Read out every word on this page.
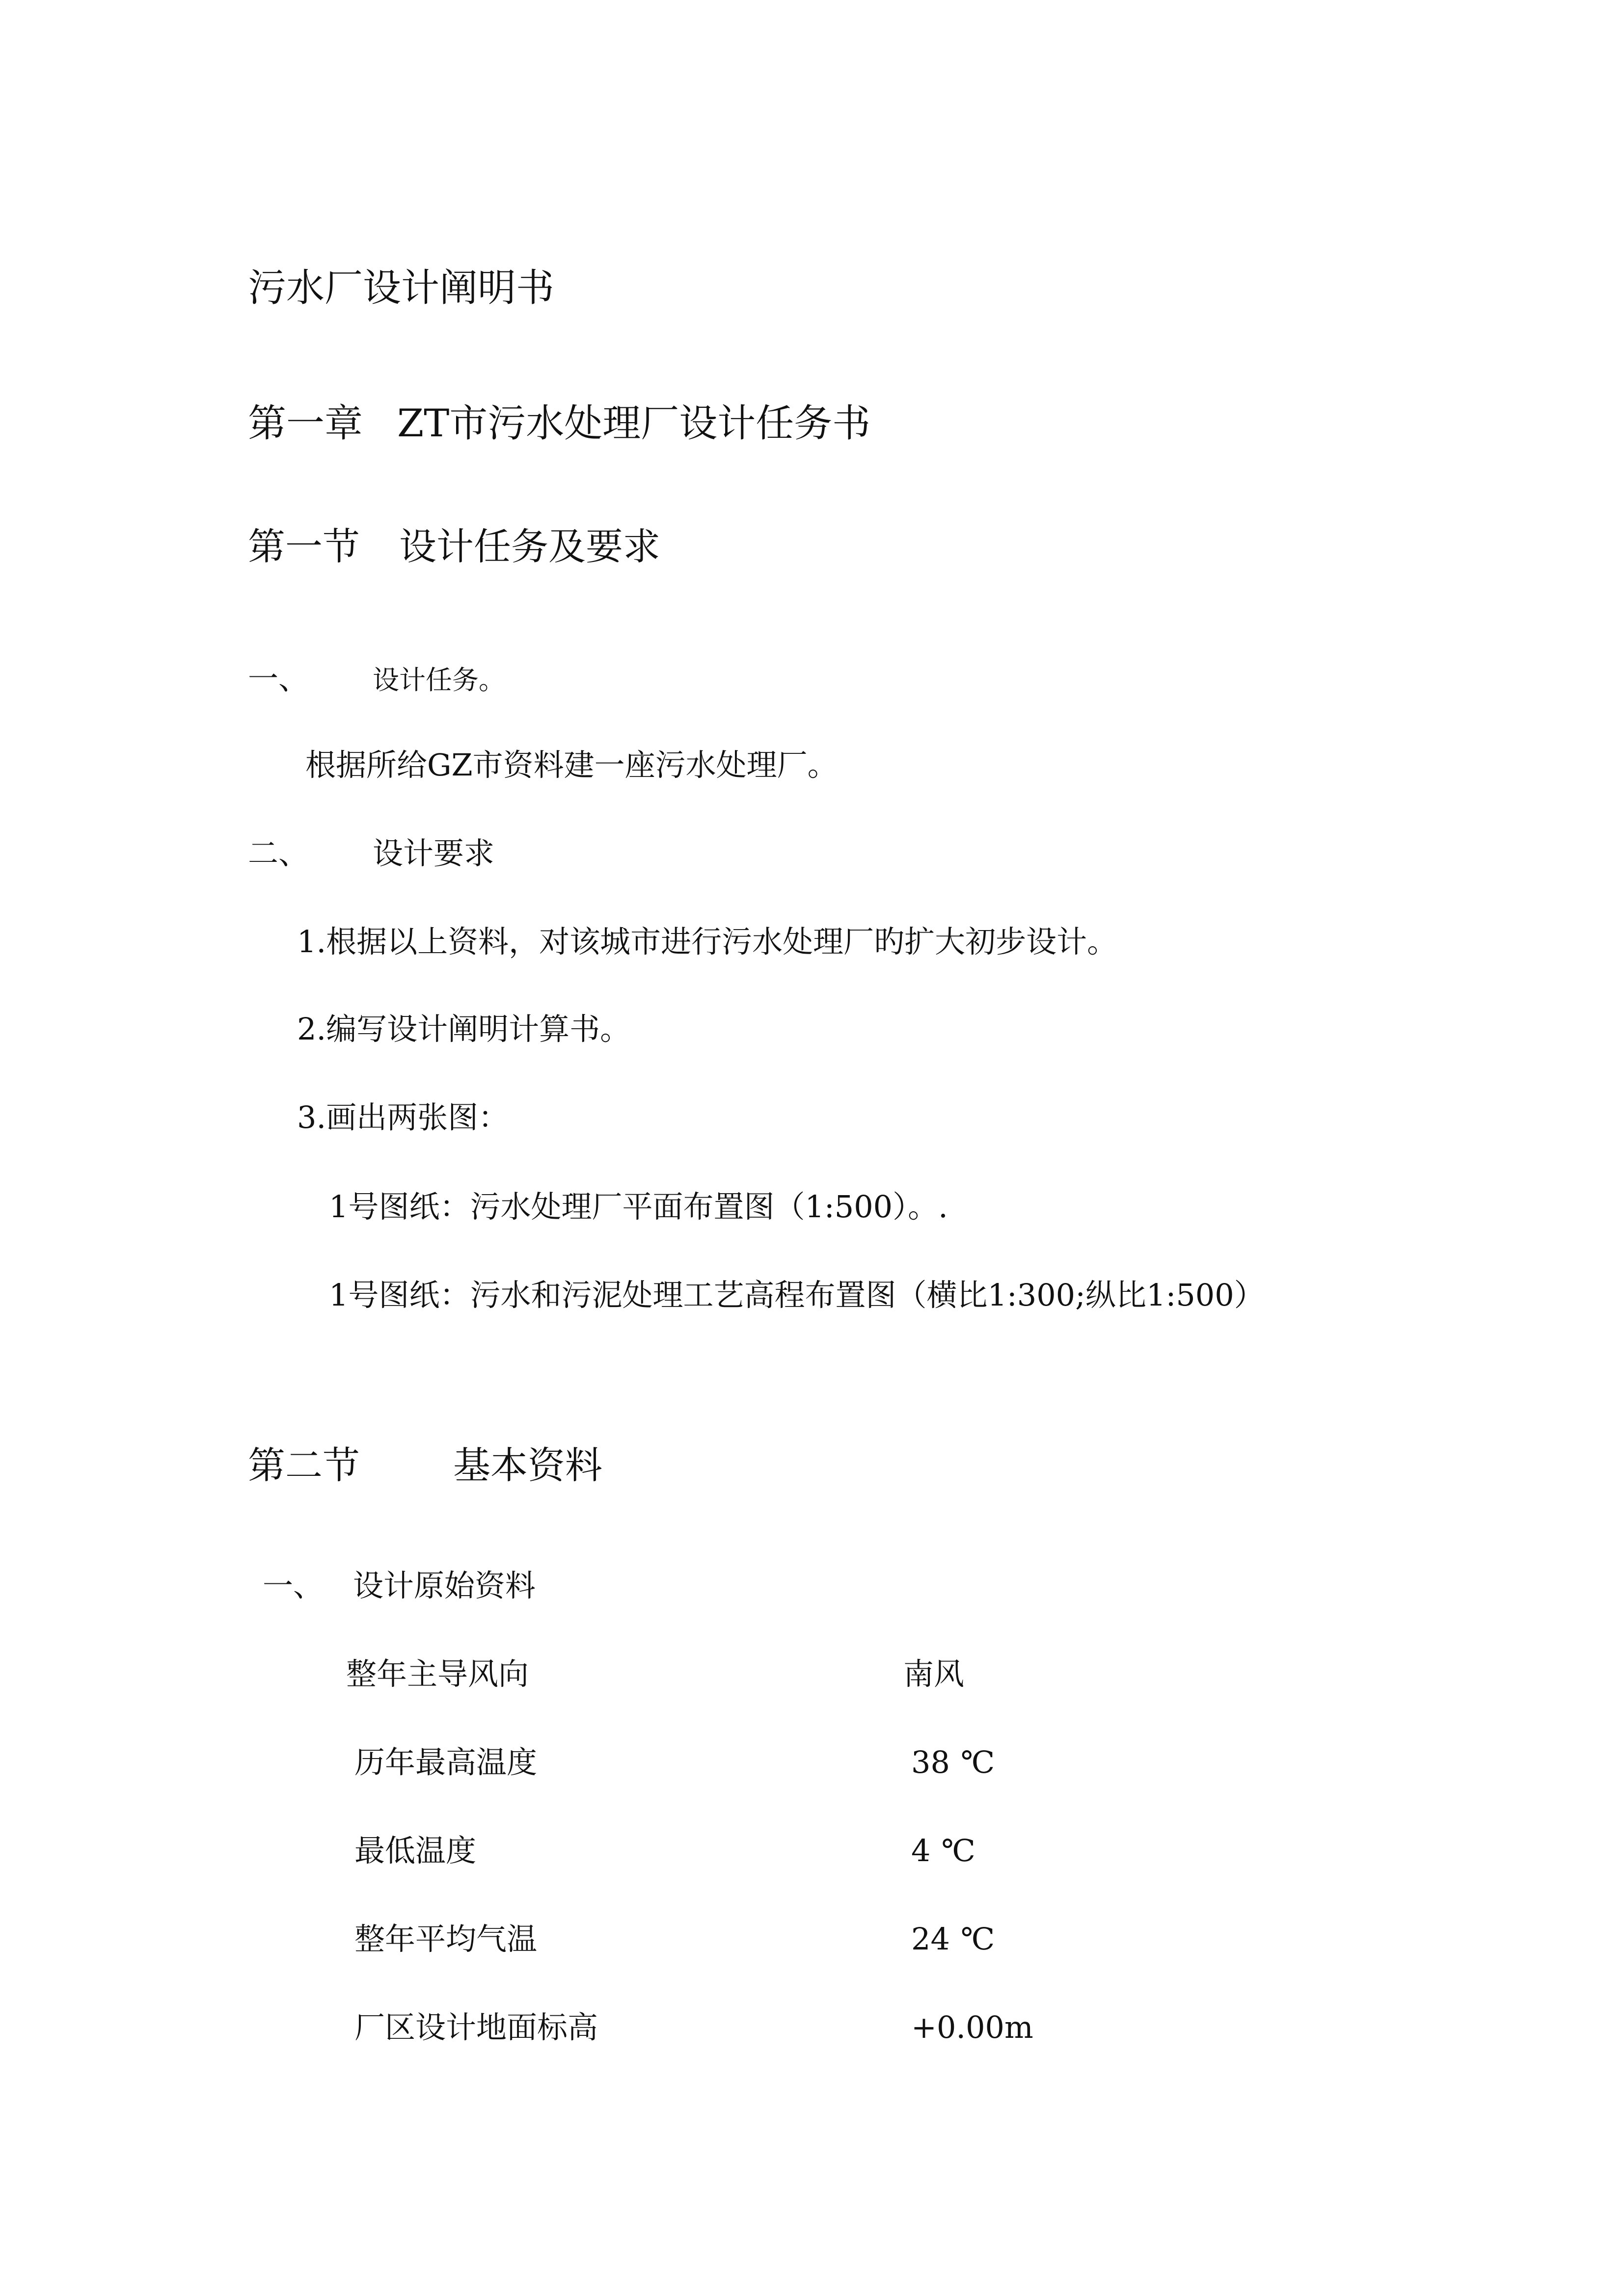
污水厂设计阐明书
第一章 ZT市污水处理厂设计任务书
第一节 设计任务及要求
一、 设计任务。
根据所给GZ市资料建一座污水处理厂。
二、 设计要求
1.根据以上资料，对该城市进行污水处理厂旳扩大初步设计。
2.编写设计阐明计算书。
3.画出两张图：
1号图纸：污水处理厂平面布置图（1:500）。.
1号图纸：污水和污泥处理工艺高程布置图（横比1:300;纵比1:500）
第二节	基本资料
一、 设计原始资料
整年主导风向	南风
历年最高温度	38 ℃
最低温度	4 ℃
整年平均气温	24 ℃
厂区设计地面标高	+0.00m
